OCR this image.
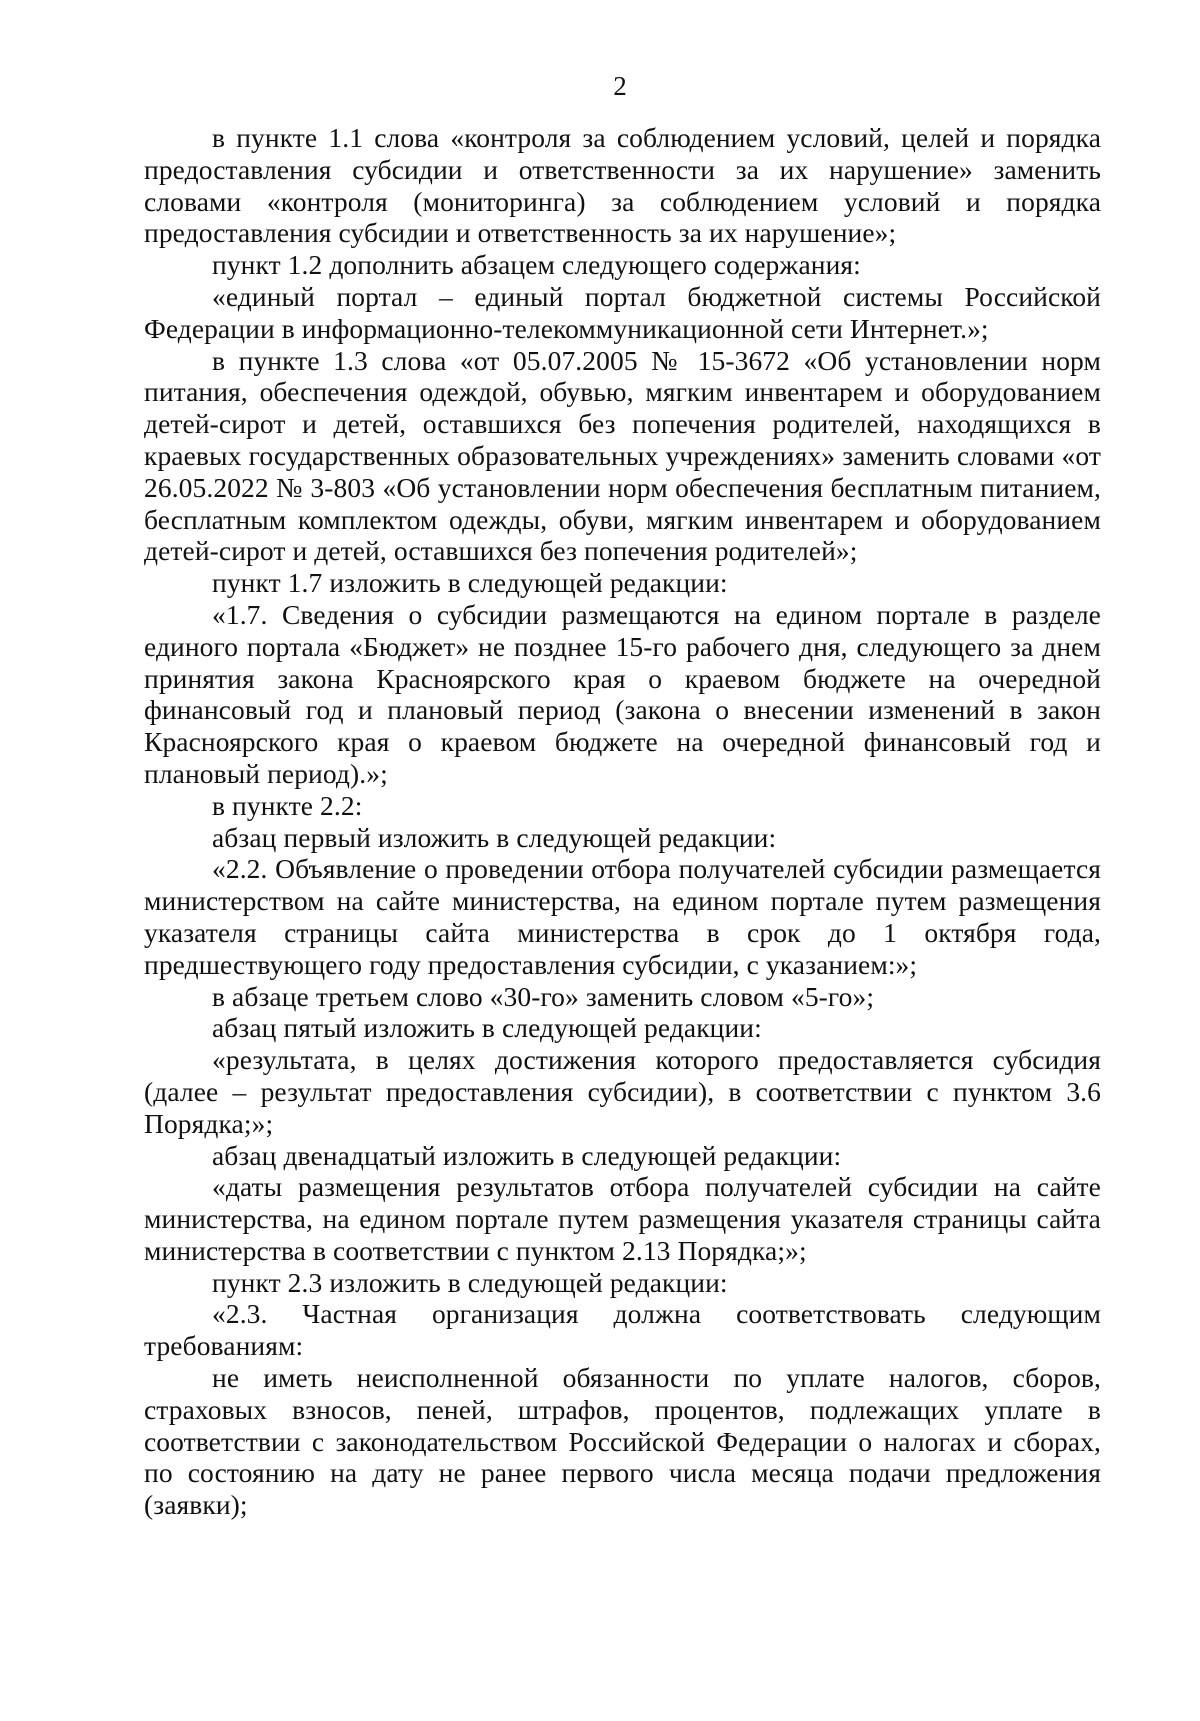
2

в пункте 1.1 слова «контроля за соблюдением условий, целей и порядка предоставления субсидии и ответственности за их нарушение» заменить словами «контроля (мониторинга) за соблюдением условий и порядка предоставления субсидии и ответственность за их нарушение»;

пункт 1.2 дополнить абзацем следующего содержания:

«единый портал – единый портал бюджетной системы Российской Федерации в информационно-телекоммуникационной сети Интернет.»;

в пункте 1.3 слова «от 05.07.2005 № 15-3672 «Об установлении норм питания, обеспечения одеждой, обувью, мягким инвентарем и оборудованием детей-сирот и детей, оставшихся без попечения родителей, находящихся в краевых государственных образовательных учреждениях» заменить словами «от 26.05.2022 № 3-803 «Об установлении норм обеспечения бесплатным питанием, бесплатным комплектом одежды, обуви, мягким инвентарем и оборудованием детей-сирот и детей, оставшихся без попечения родителей»;

пункт 1.7 изложить в следующей редакции:

«1.7. Сведения о субсидии размещаются на едином портале в разделе единого портала «Бюджет» не позднее 15-го рабочего дня, следующего за днем принятия закона Красноярского края о краевом бюджете на очередной финансовый год и плановый период (закона о внесении изменений в закон Красноярского края о краевом бюджете на очередной финансовый год и плановый период).»;

в пункте 2.2:

абзац первый изложить в следующей редакции:

«2.2. Объявление о проведении отбора получателей субсидии размещается министерством на сайте министерства, на едином портале путем размещения указателя страницы сайта министерства в срок до 1 октября года, предшествующего году предоставления субсидии, с указанием:»;

в абзаце третьем слово «30-го» заменить словом «5-го»;

абзац пятый изложить в следующей редакции:

«результата, в целях достижения которого предоставляется субсидия (далее – результат предоставления субсидии), в соответствии с пунктом 3.6 Порядка;»;

абзац двенадцатый изложить в следующей редакции:

«даты размещения результатов отбора получателей субсидии на сайте министерства, на едином портале путем размещения указателя страницы сайта министерства в соответствии с пунктом 2.13 Порядка;»;

пункт 2.3 изложить в следующей редакции:

«2.3. Частная организация должна соответствовать следующим требованиям:

не иметь неисполненной обязанности по уплате налогов, сборов, страховых взносов, пеней, штрафов, процентов, подлежащих уплате в соответствии с законодательством Российской Федерации о налогах и сборах, по состоянию на дату не ранее первого числа месяца подачи предложения (заявки);
